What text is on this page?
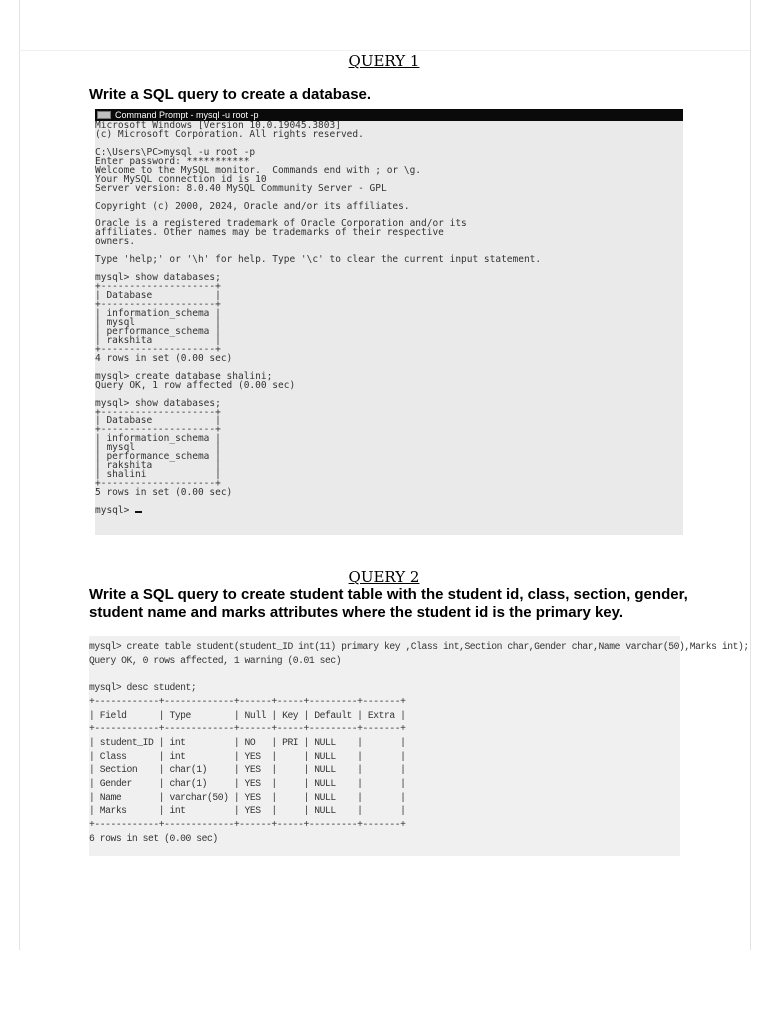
QUERY 1
Write a SQL query to create a database.
Command Prompt - mysql -u root -p
Microsoft Windows [Version 10.0.19045.3803]
(c) Microsoft Corporation. All rights reserved.

C:\Users\PC>mysql -u root -p
Enter password: ***********
Welcome to the MySQL monitor.  Commands end with ; or \g.
Your MySQL connection id is 10
Server version: 8.0.40 MySQL Community Server - GPL

Copyright (c) 2000, 2024, Oracle and/or its affiliates.

Oracle is a registered trademark of Oracle Corporation and/or its
affiliates. Other names may be trademarks of their respective
owners.

Type 'help;' or '\h' for help. Type '\c' to clear the current input statement.

mysql> show databases;
+--------------------+
| Database           |
+--------------------+
| information_schema |
| mysql              |
| performance_schema |
| rakshita           |
+--------------------+
4 rows in set (0.00 sec)

mysql> create database shalini;
Query OK, 1 row affected (0.00 sec)

mysql> show databases;
+--------------------+
| Database           |
+--------------------+
| information_schema |
| mysql              |
| performance_schema |
| rakshita           |
| shalini            |
+--------------------+
5 rows in set (0.00 sec)

mysql>
QUERY 2
Write a SQL query to create student table with the student id, class, section, gender, student name and marks attributes where the student id is the primary key.
mysql> create table student(student_ID int(11) primary key ,Class int,Section char,Gender char,Name varchar(50),Marks
Query OK, 0 rows affected, 1 warning (0.01 sec)

mysql> desc student;
+------------+-------------+------+-----+---------+-------+
| Field      | Type        | Null | Key | Default | Extra |
+------------+-------------+------+-----+---------+-------+
| student_ID | int         | NO   | PRI | NULL    |       |
| Class      | int         | YES  |     | NULL    |       |
| Section    | char(1)     | YES  |     | NULL    |       |
| Gender     | char(1)     | YES  |     | NULL    |       |
| Name       | varchar(50) | YES  |     | NULL    |       |
| Marks      | int         | YES  |     | NULL    |       |
+------------+-------------+------+-----+---------+-------+
6 rows in set (0.00 sec)
